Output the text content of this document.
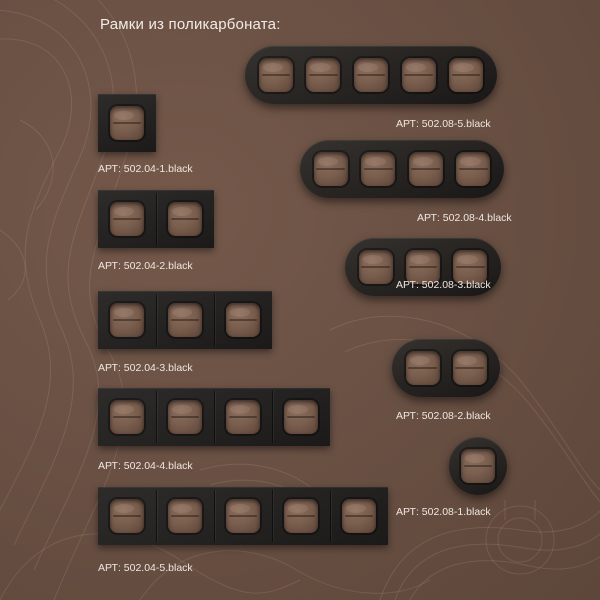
Рамки из поликарбоната:
АРТ: 502.04-1.black
АРТ: 502.04-2.black
АРТ: 502.04-3.black
АРТ: 502.04-4.black
АРТ: 502.04-5.black
АРТ: 502.08-5.black
АРТ: 502.08-4.black
АРТ: 502.08-3.black
АРТ: 502.08-2.black
АРТ: 502.08-1.black
